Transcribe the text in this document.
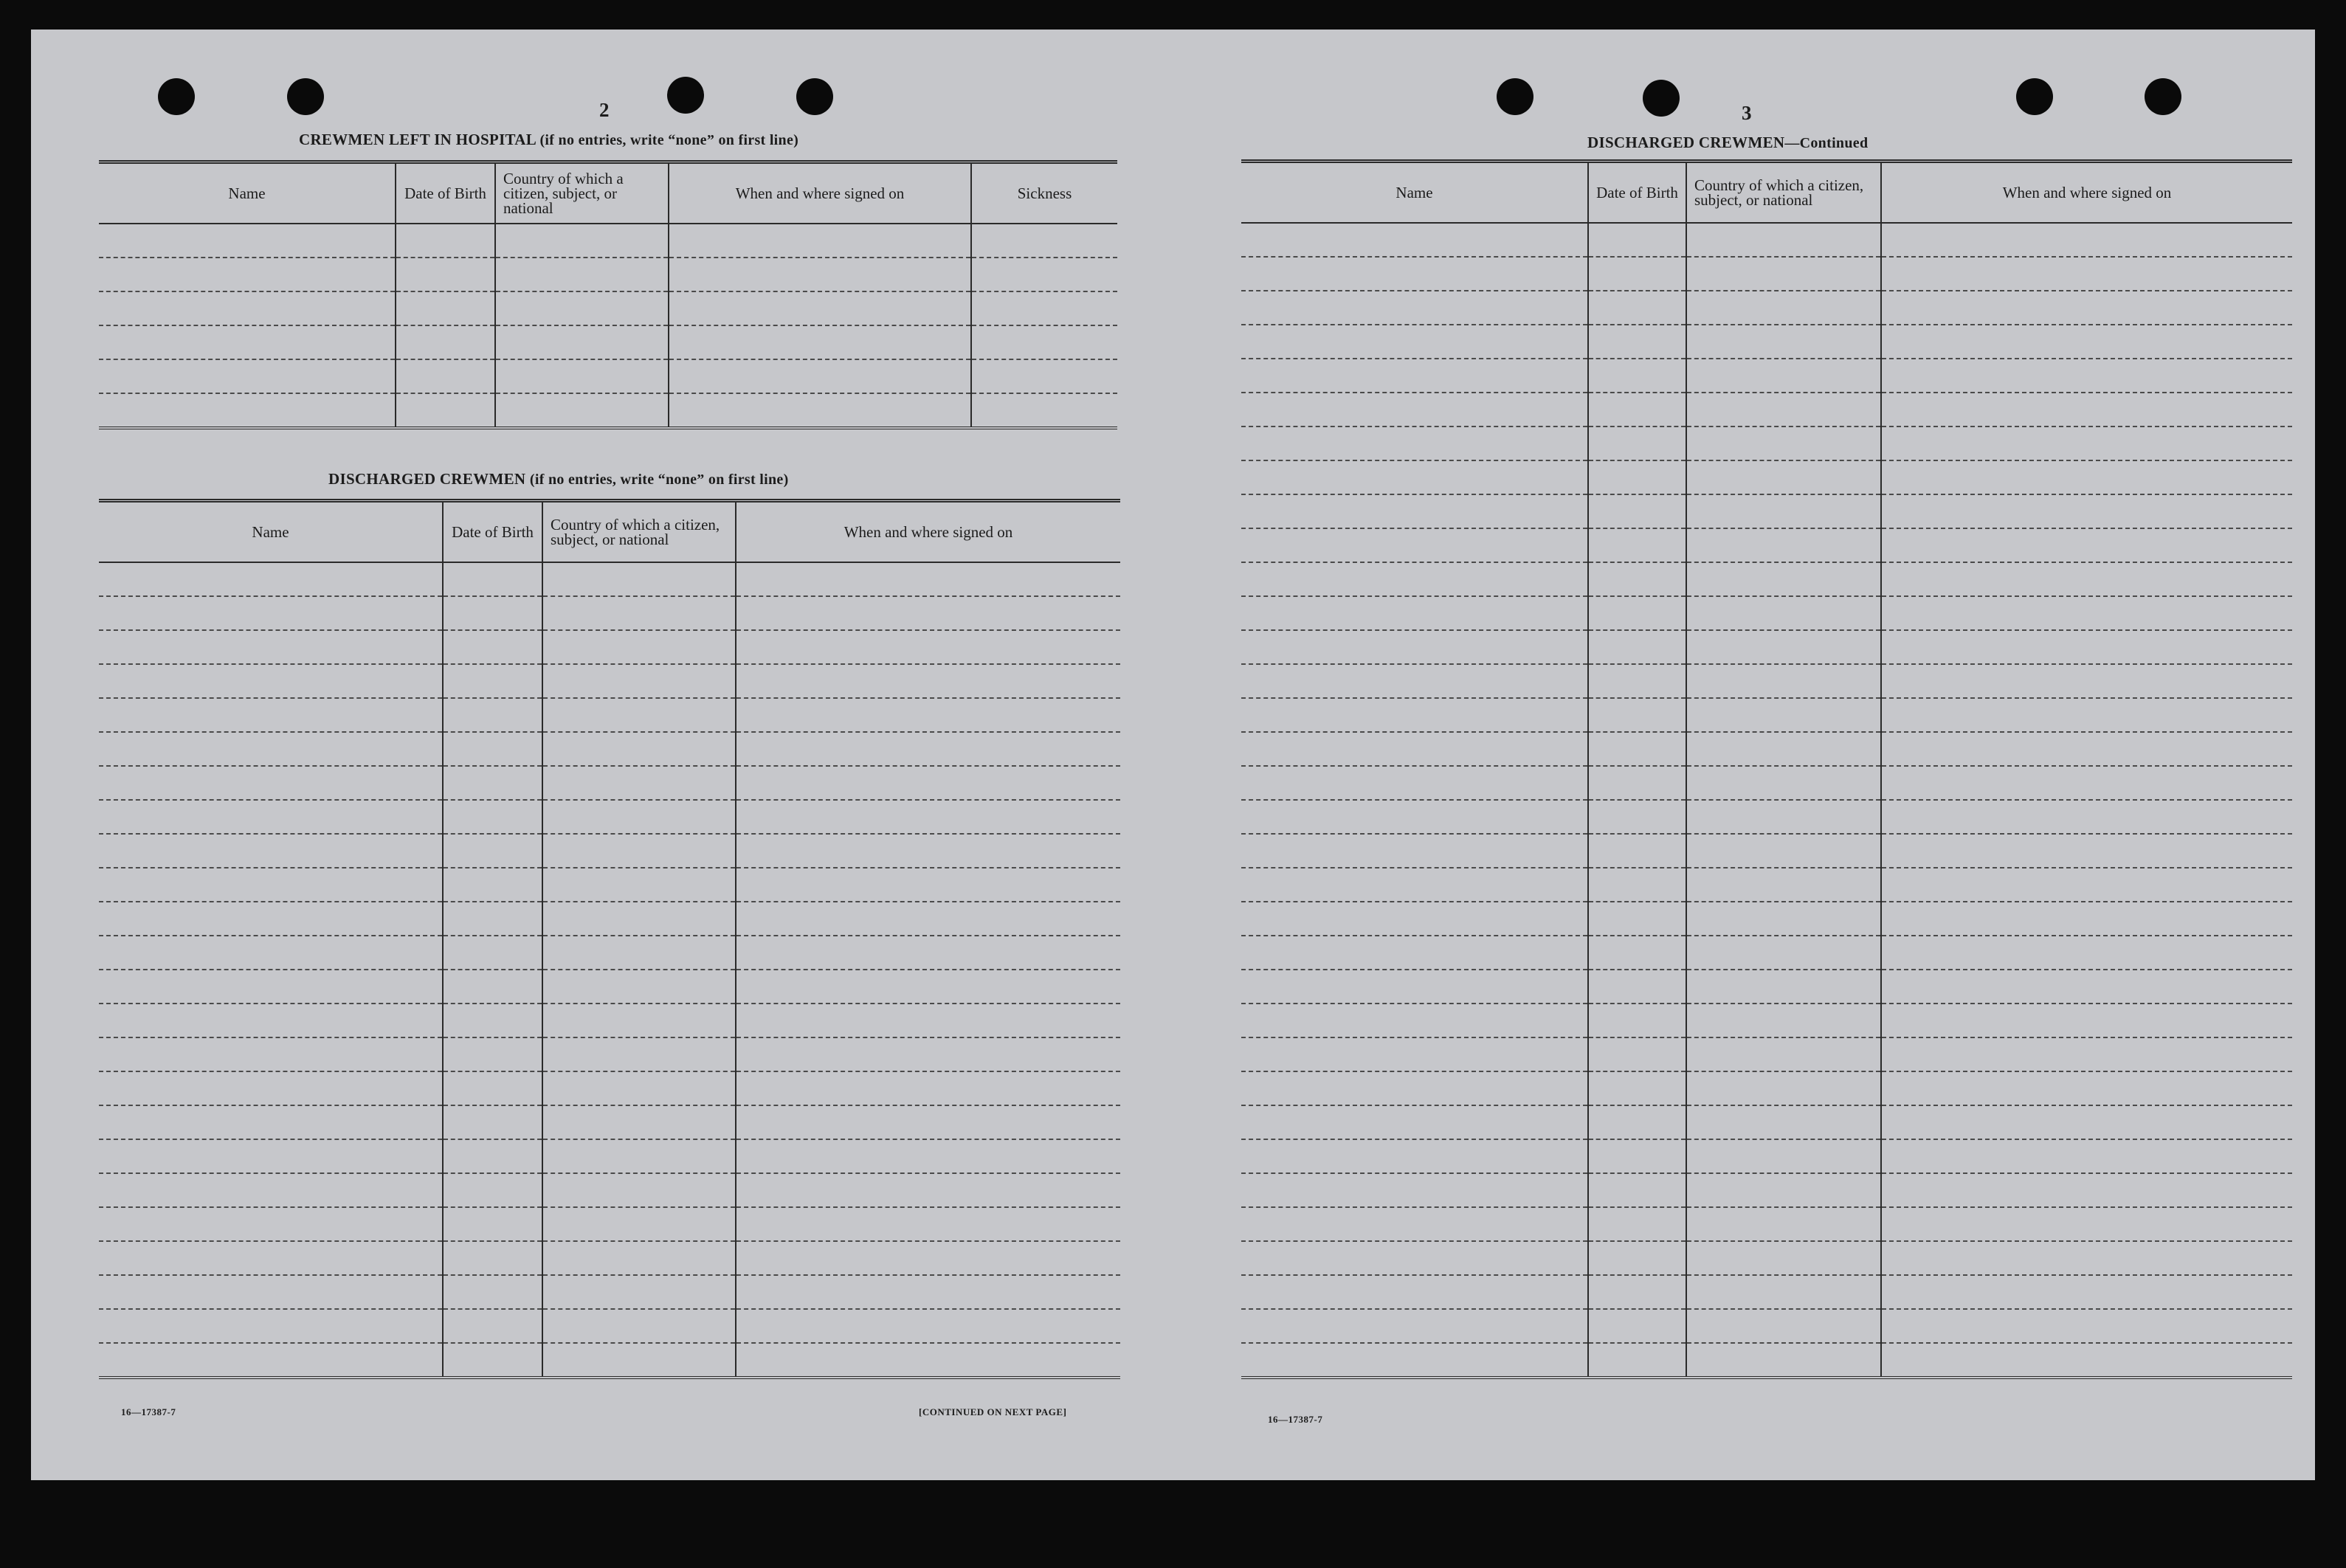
2
CREWMEN LEFT IN HOSPITAL (if no entries, write “none” on first line)
Name	Date of Birth	Country of which a citizen, subject, or national	When and where signed on	Sickness

DISCHARGED CREWMEN (if no entries, write “none” on first line)
Name	Date of Birth	Country of which a citizen, subject, or national	When and where signed on

16—17387-7	[CONTINUED ON NEXT PAGE]
3
DISCHARGED CREWMEN—Continued
Name	Date of Birth	Country of which a citizen, subject, or national	When and where signed on

16—17387-7
